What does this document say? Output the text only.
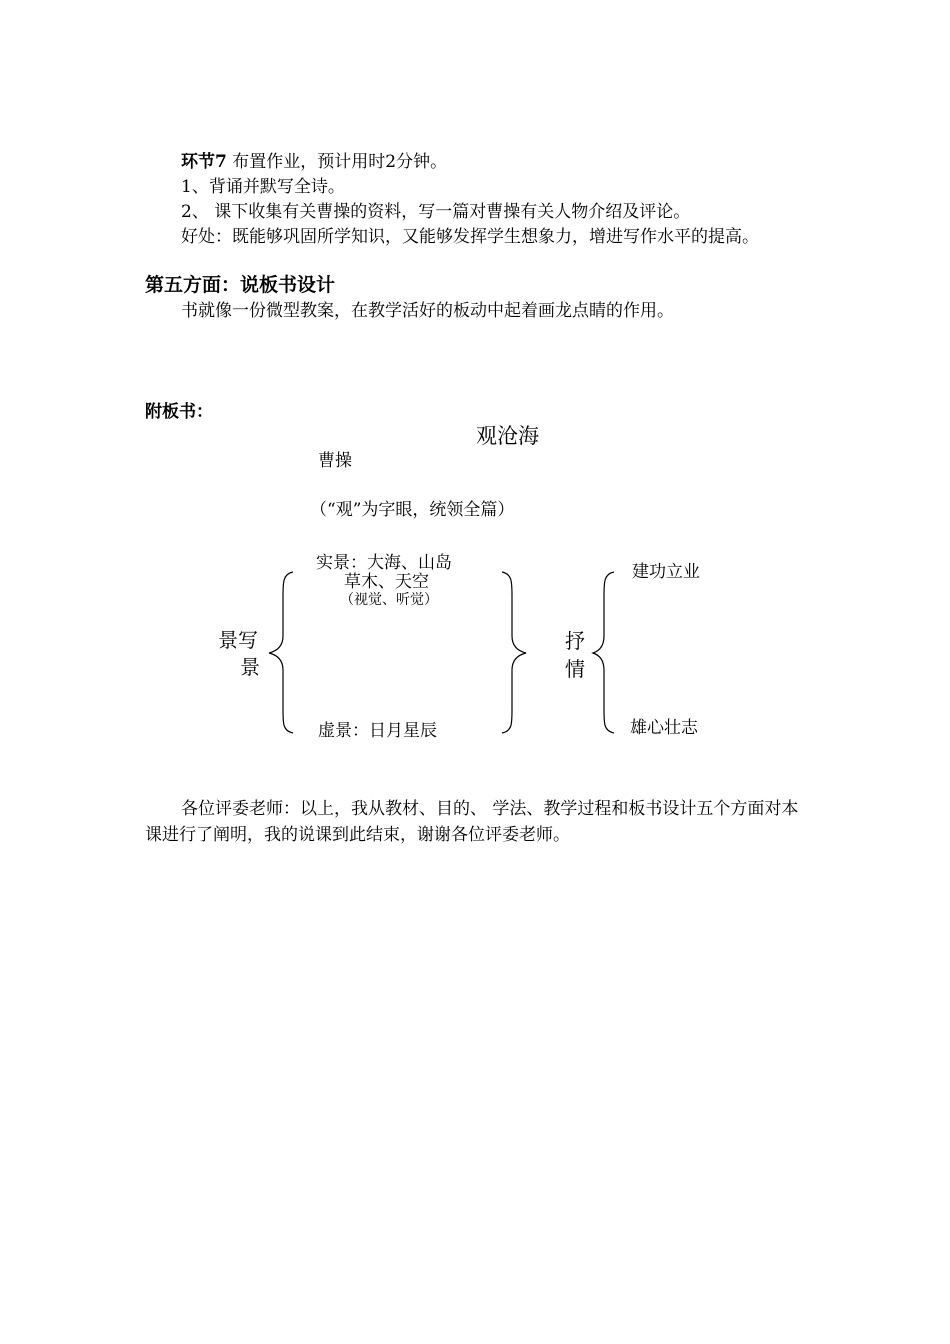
环节7 布置作业，预计用时2分钟。
1、背诵并默写全诗。
2、 课下收集有关曹操的资料，写一篇对曹操有关人物介绍及评论。
好处：既能够巩固所学知识，又能够发挥学生想象力，增进写作水平的提高。
第五方面：说板书设计
书就像一份微型教案，在教学活好的板动中起着画龙点睛的作用。
附板书：
观沧海
曹操
（“观”为字眼，统领全篇）
实景：大海、山岛
草木、天空
（视觉、听觉）
景写
景
虚景：日月星辰
抒
情
建功立业
雄心壮志
各位评委老师：以上，我从教材、目的、 学法、教学过程和板书设计五个方面对本
课进行了阐明，我的说课到此结束，谢谢各位评委老师。
